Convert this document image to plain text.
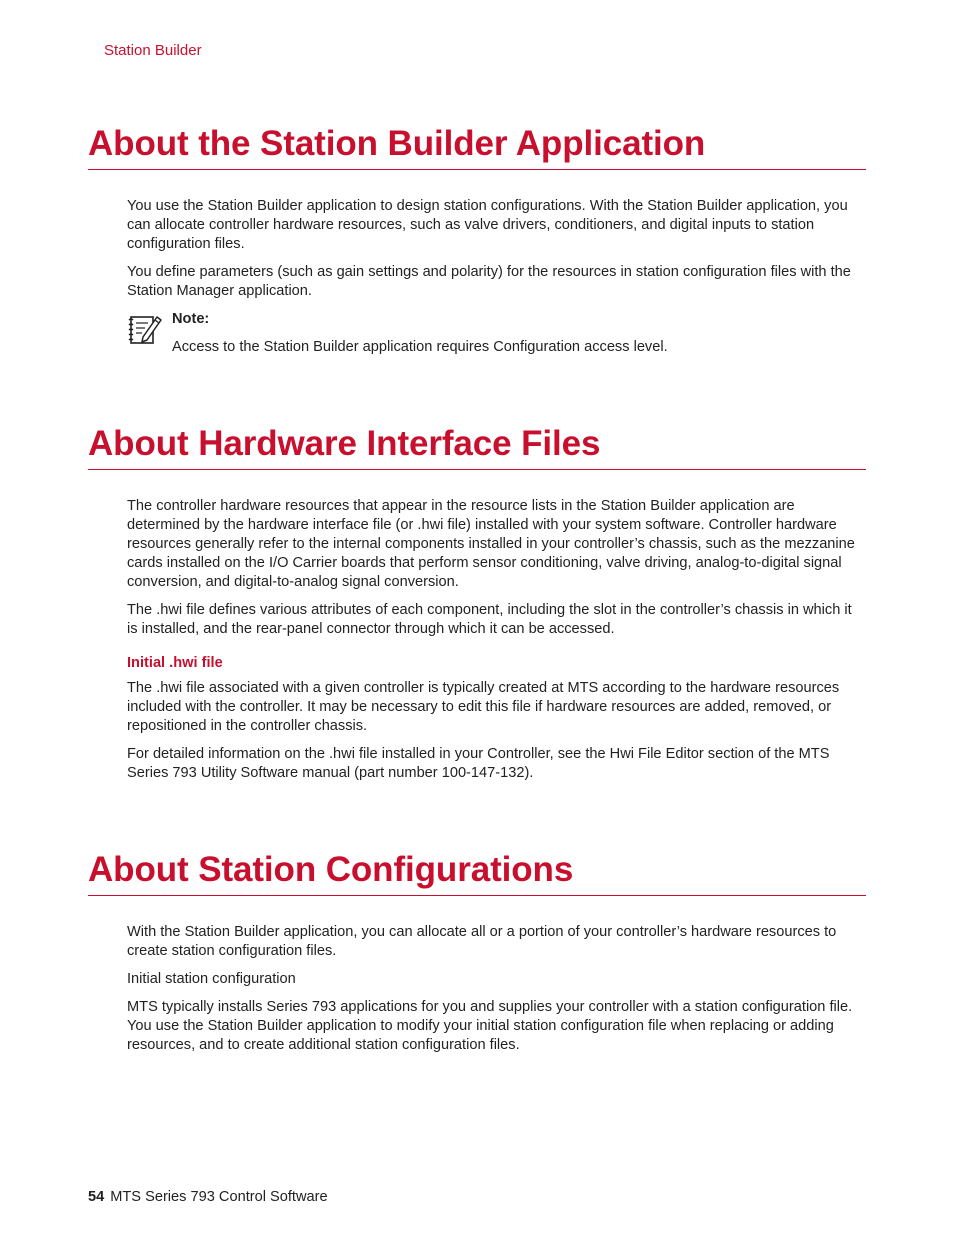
Station Builder
About the Station Builder Application

You use the Station Builder application to design station configurations. With the Station Builder application, you can allocate controller hardware resources, such as valve drivers, conditioners, and digital inputs to station configuration files.

You define parameters (such as gain settings and polarity) for the resources in station configuration files with the Station Manager application.

Note:
Access to the Station Builder application requires Configuration access level.
About Hardware Interface Files

The controller hardware resources that appear in the resource lists in the Station Builder application are determined by the hardware interface file (or .hwi file) installed with your system software. Controller hardware resources generally refer to the internal components installed in your controller’s chassis, such as the mezzanine cards installed on the I/O Carrier boards that perform sensor conditioning, valve driving, analog-to-digital signal conversion, and digital-to-analog signal conversion.

The .hwi file defines various attributes of each component, including the slot in the controller’s chassis in which it is installed, and the rear-panel connector through which it can be accessed.

Initial .hwi file

The .hwi file associated with a given controller is typically created at MTS according to the hardware resources included with the controller. It may be necessary to edit this file if hardware resources are added, removed, or repositioned in the controller chassis.

For detailed information on the .hwi file installed in your Controller, see the Hwi File Editor section of the MTS Series 793 Utility Software manual (part number 100-147-132).

About Station Configurations

With the Station Builder application, you can allocate all or a portion of your controller’s hardware resources to create station configuration files.

Initial station configuration

MTS typically installs Series 793 applications for you and supplies your controller with a station configuration file. You use the Station Builder application to modify your initial station configuration file when replacing or adding resources, and to create additional station configuration files.

54 MTS Series 793 Control Software
